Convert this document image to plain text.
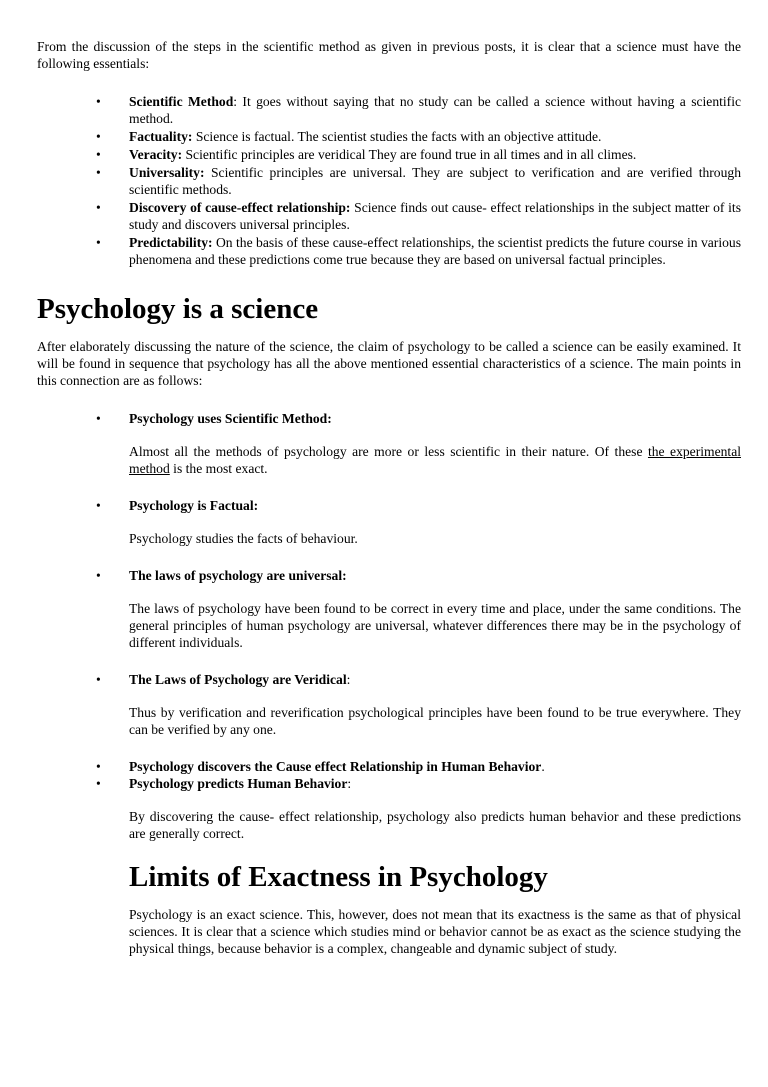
From the discussion of the steps in the scientific method as given in previous posts, it is clear that a science must have the following essentials:

• Scientific Method: It goes without saying that no study can be called a science without having a scientific method.
• Factuality: Science is factual. The scientist studies the facts with an objective attitude.
• Veracity: Scientific principles are veridical They are found true in all times and in all climes.
• Universality: Scientific principles are universal. They are subject to verification and are verified through scientific methods.
• Discovery of cause-effect relationship: Science finds out cause- effect relationships in the subject matter of its study and discovers universal principles.
• Predictability: On the basis of these cause-effect relationships, the scientist predicts the future course in various phenomena and these predictions come true because they are based on universal factual principles.
Psychology is a science

After elaborately discussing the nature of the science, the claim of psychology to be called a science can be easily examined. It will be found in sequence that psychology has all the above mentioned essential characteristics of a science. The main points in this connection are as follows:

• Psychology uses Scientific Method:

Almost all the methods of psychology are more or less scientific in their nature. Of these the experimental method is the most exact.

• Psychology is Factual:

Psychology studies the facts of behaviour.

• The laws of psychology are universal:

The laws of psychology have been found to be correct in every time and place, under the same conditions. The general principles of human psychology are universal, whatever differences there may be in the psychology of different individuals.

• The Laws of Psychology are Veridical:

Thus by verification and reverification psychological principles have been found to be true everywhere. They can be verified by any one.

• Psychology discovers the Cause effect Relationship in Human Behavior.
• Psychology predicts Human Behavior:

By discovering the cause- effect relationship, psychology also predicts human behavior and these predictions are generally correct.

Limits of Exactness in Psychology

Psychology is an exact science. This, however, does not mean that its exactness is the same as that of physical sciences. It is clear that a science which studies mind or behavior cannot be as exact as the science studying the physical things, because behavior is a complex, changeable and dynamic subject of study.
